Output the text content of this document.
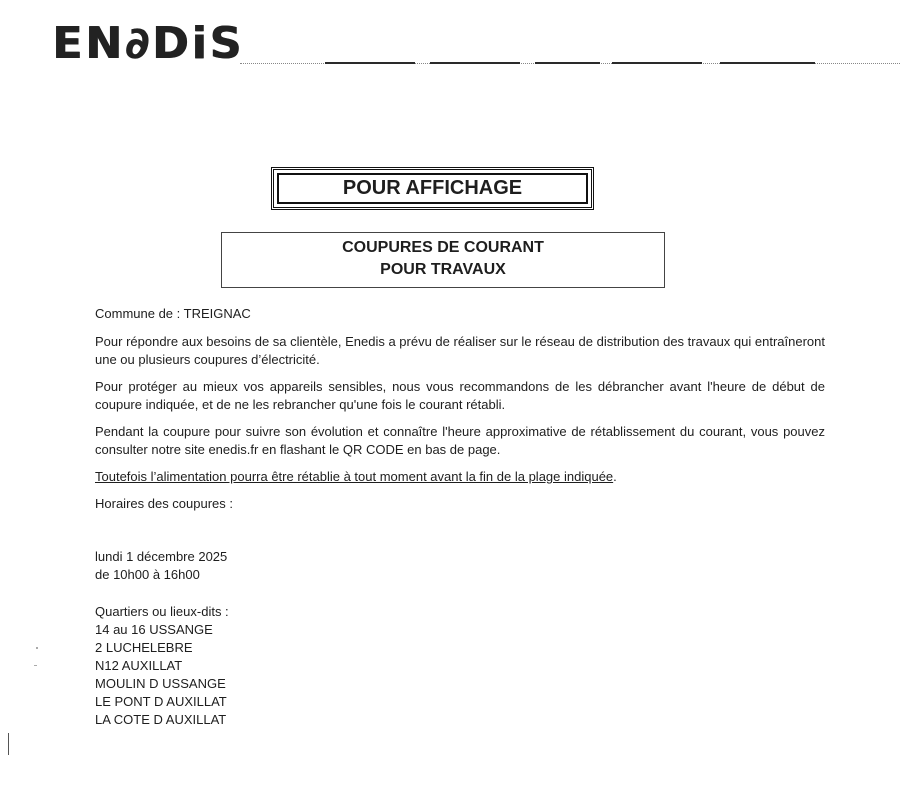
EN∂DiS
POUR AFFICHAGE
COUPURES DE COURANT
POUR TRAVAUX
Commune de : TREIGNAC
Pour répondre aux besoins de sa clientèle, Enedis a prévu de réaliser sur le réseau de distribution des travaux qui entraîneront une ou plusieurs coupures d’électricité.
Pour protéger au mieux vos appareils sensibles, nous vous recommandons de les débrancher avant l'heure de début de coupure indiquée, et de ne les rebrancher qu'une fois le courant rétabli.
Pendant la coupure pour suivre son évolution et connaître l'heure approximative de rétablissement du courant, vous pouvez consulter notre site enedis.fr en flashant le QR CODE en bas de page.
Toutefois l’alimentation pourra être rétablie à tout moment avant la fin de la plage indiquée.
Horaires des coupures :
lundi 1 décembre 2025
de 10h00 à 16h00
Quartiers ou lieux-dits :
14 au 16 USSANGE
2 LUCHELEBRE
N12 AUXILLAT
MOULIN D USSANGE
LE PONT D AUXILLAT
LA COTE D AUXILLAT
